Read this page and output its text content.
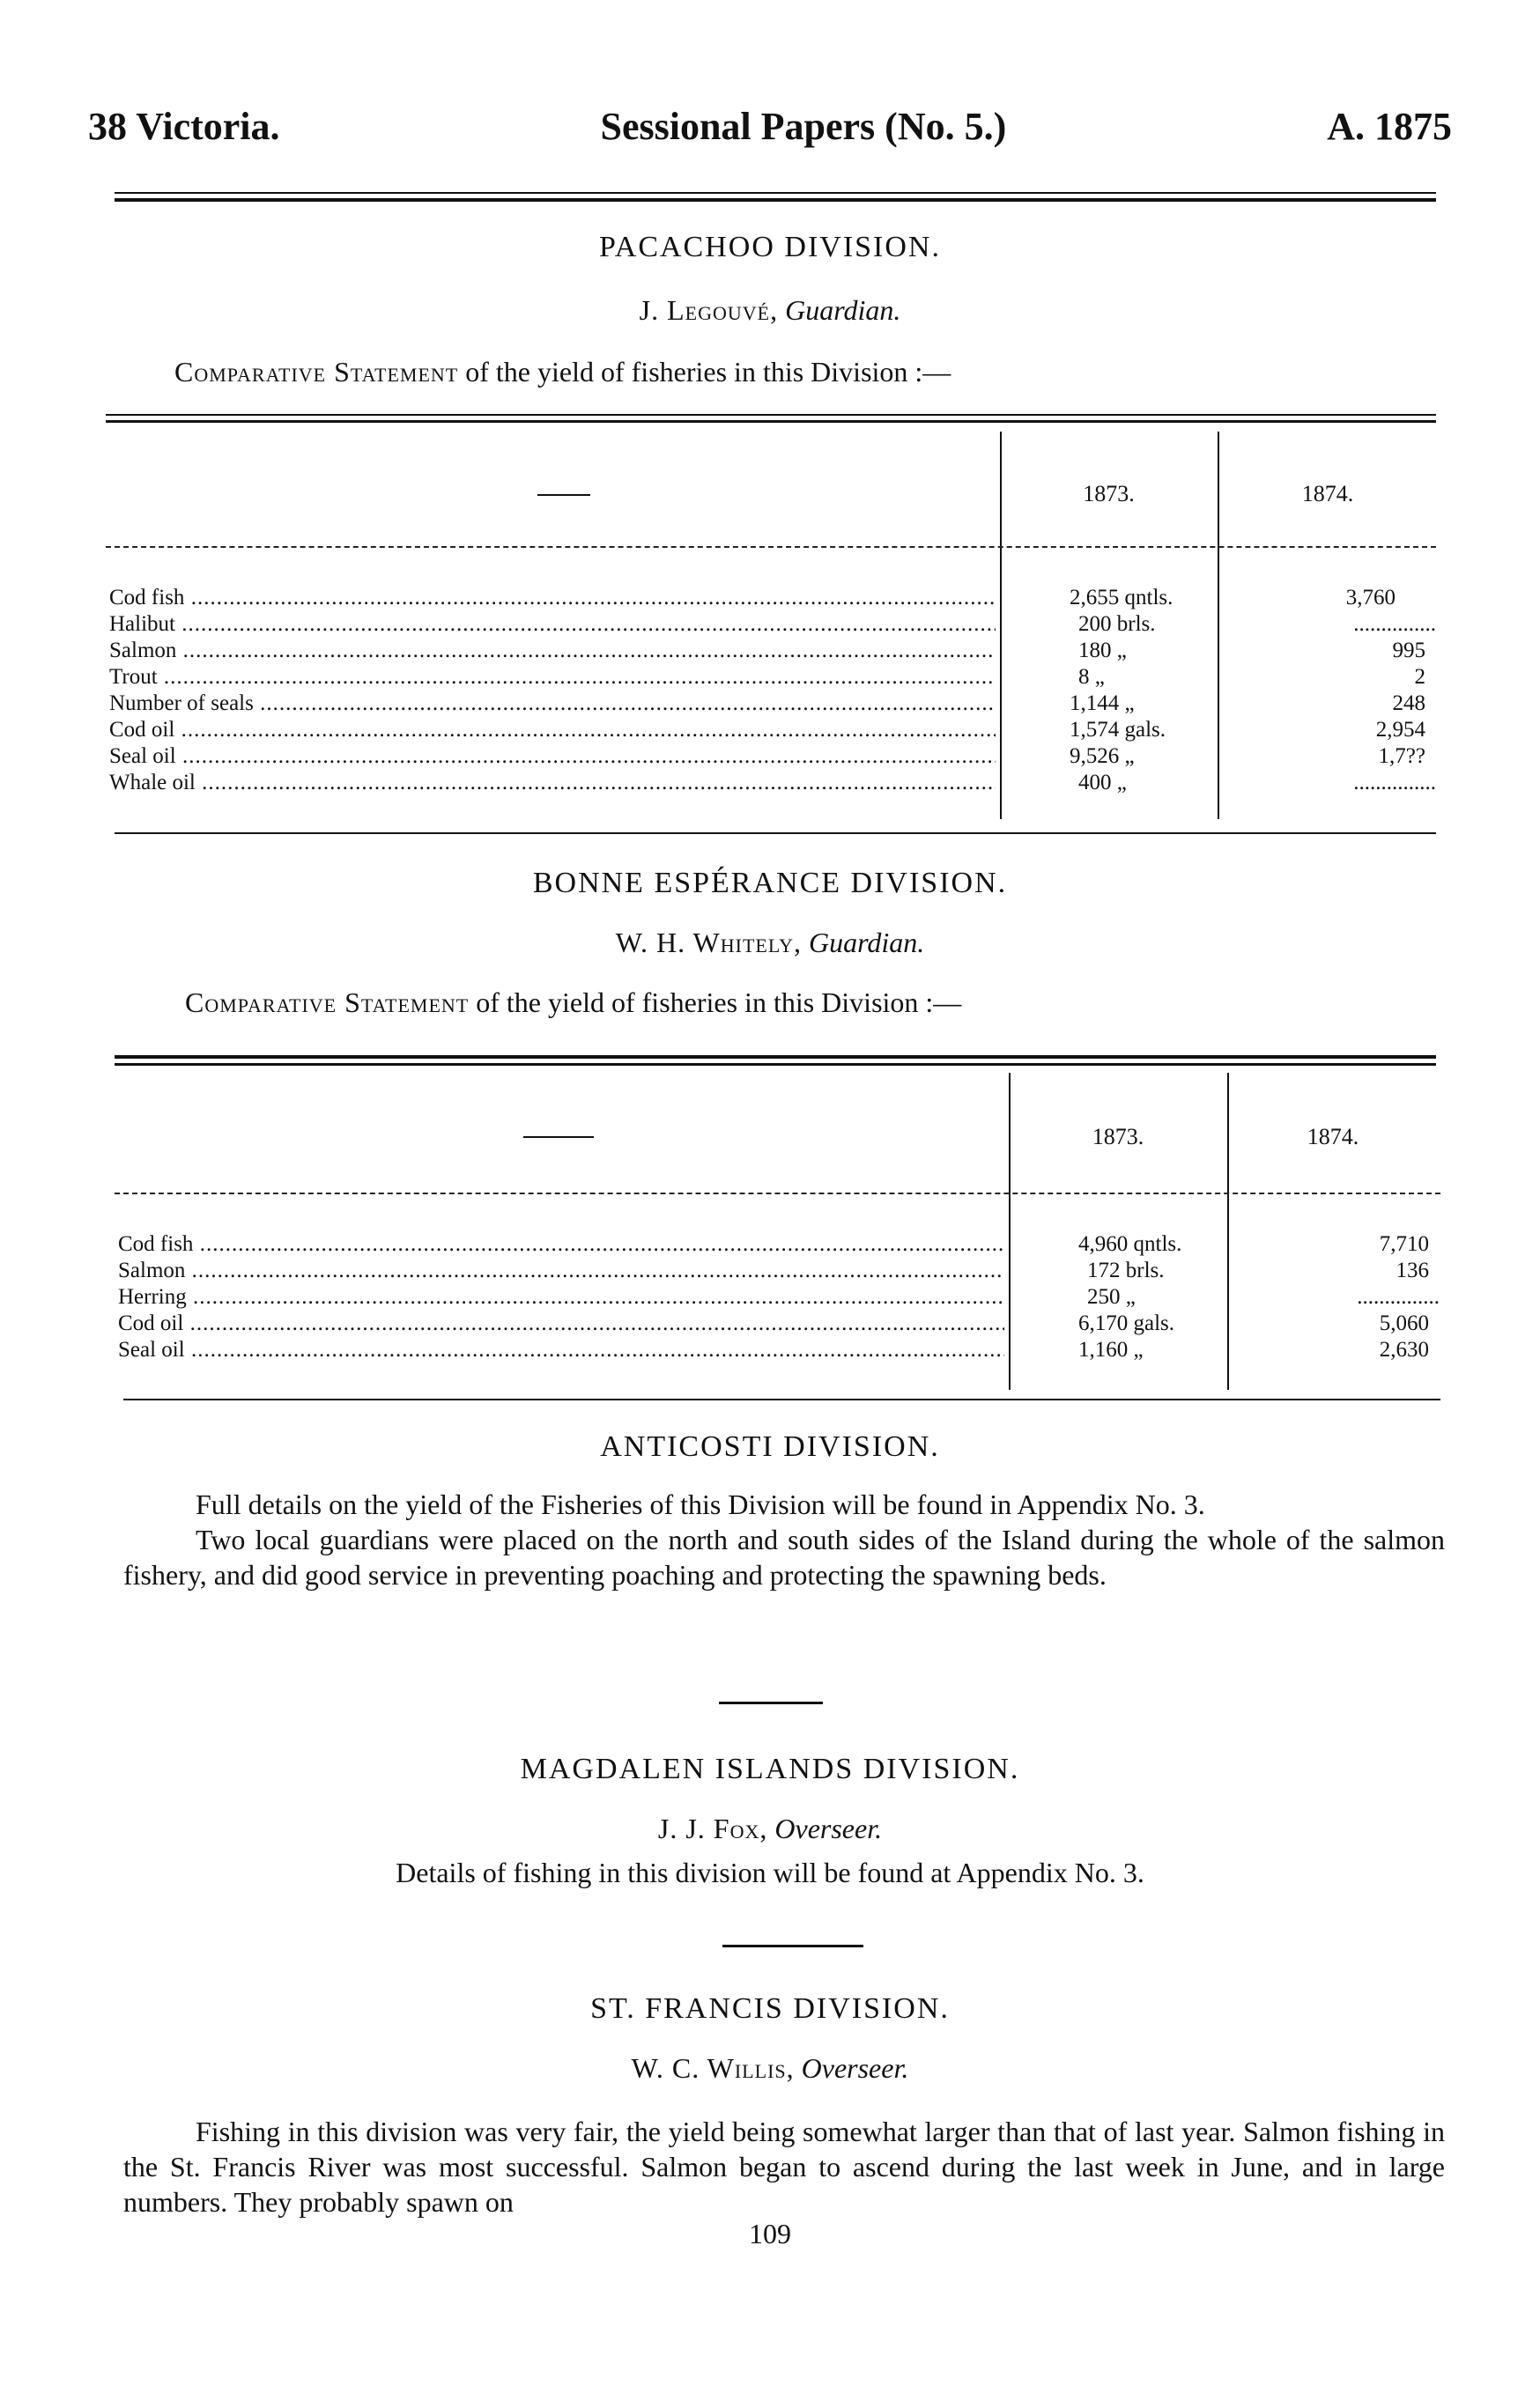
38 Victoria.	Sessional Papers (No. 5.)	A. 1875
PACACHOO DIVISION.
J. Legouvé, Guardian.
Comparative Statement of the yield of fisheries in this Division :—
1873.	1874.
Cod fish .....	2,655 qntls.	3,760
Halibut .....	200 brls.	...............
Salmon .....	180 „	995
Trout .....	8 „	2
Number of seals .....	1,144 „	248
Cod oil .....	1,574 gals.	2,954
Seal oil .....	9,526 „	1,7??
Whale oil .....	400 „	...............
BONNE ESPÉRANCE DIVISION.
W. H. Whitely, Guardian.
Comparative Statement of the yield of fisheries in this Division :—
1873.	1874.
Cod fish .....	4,960 qntls.	7,710
Salmon .....	172 brls.	136
Herring .....	250 „	...............
Cod oil .....	6,170 gals.	5,060
Seal oil .....	1,160 „	2,630
ANTICOSTI DIVISION.

Full details on the yield of the Fisheries of this Division will be found in Appendix No. 3.

Two local guardians were placed on the north and south sides of the Island during the whole of the salmon fishery, and did good service in preventing poaching and protecting the spawning beds.

MAGDALEN ISLANDS DIVISION.
J. J. Fox, Overseer.
Details of fishing in this division will be found at Appendix No. 3.
ST. FRANCIS DIVISION.
W. C. Willis, Overseer.

Fishing in this division was very fair, the yield being somewhat larger than that of last year. Salmon fishing in the St. Francis River was most successful. Salmon began to ascend during the last week in June, and in large numbers. They probably spawn on

109
